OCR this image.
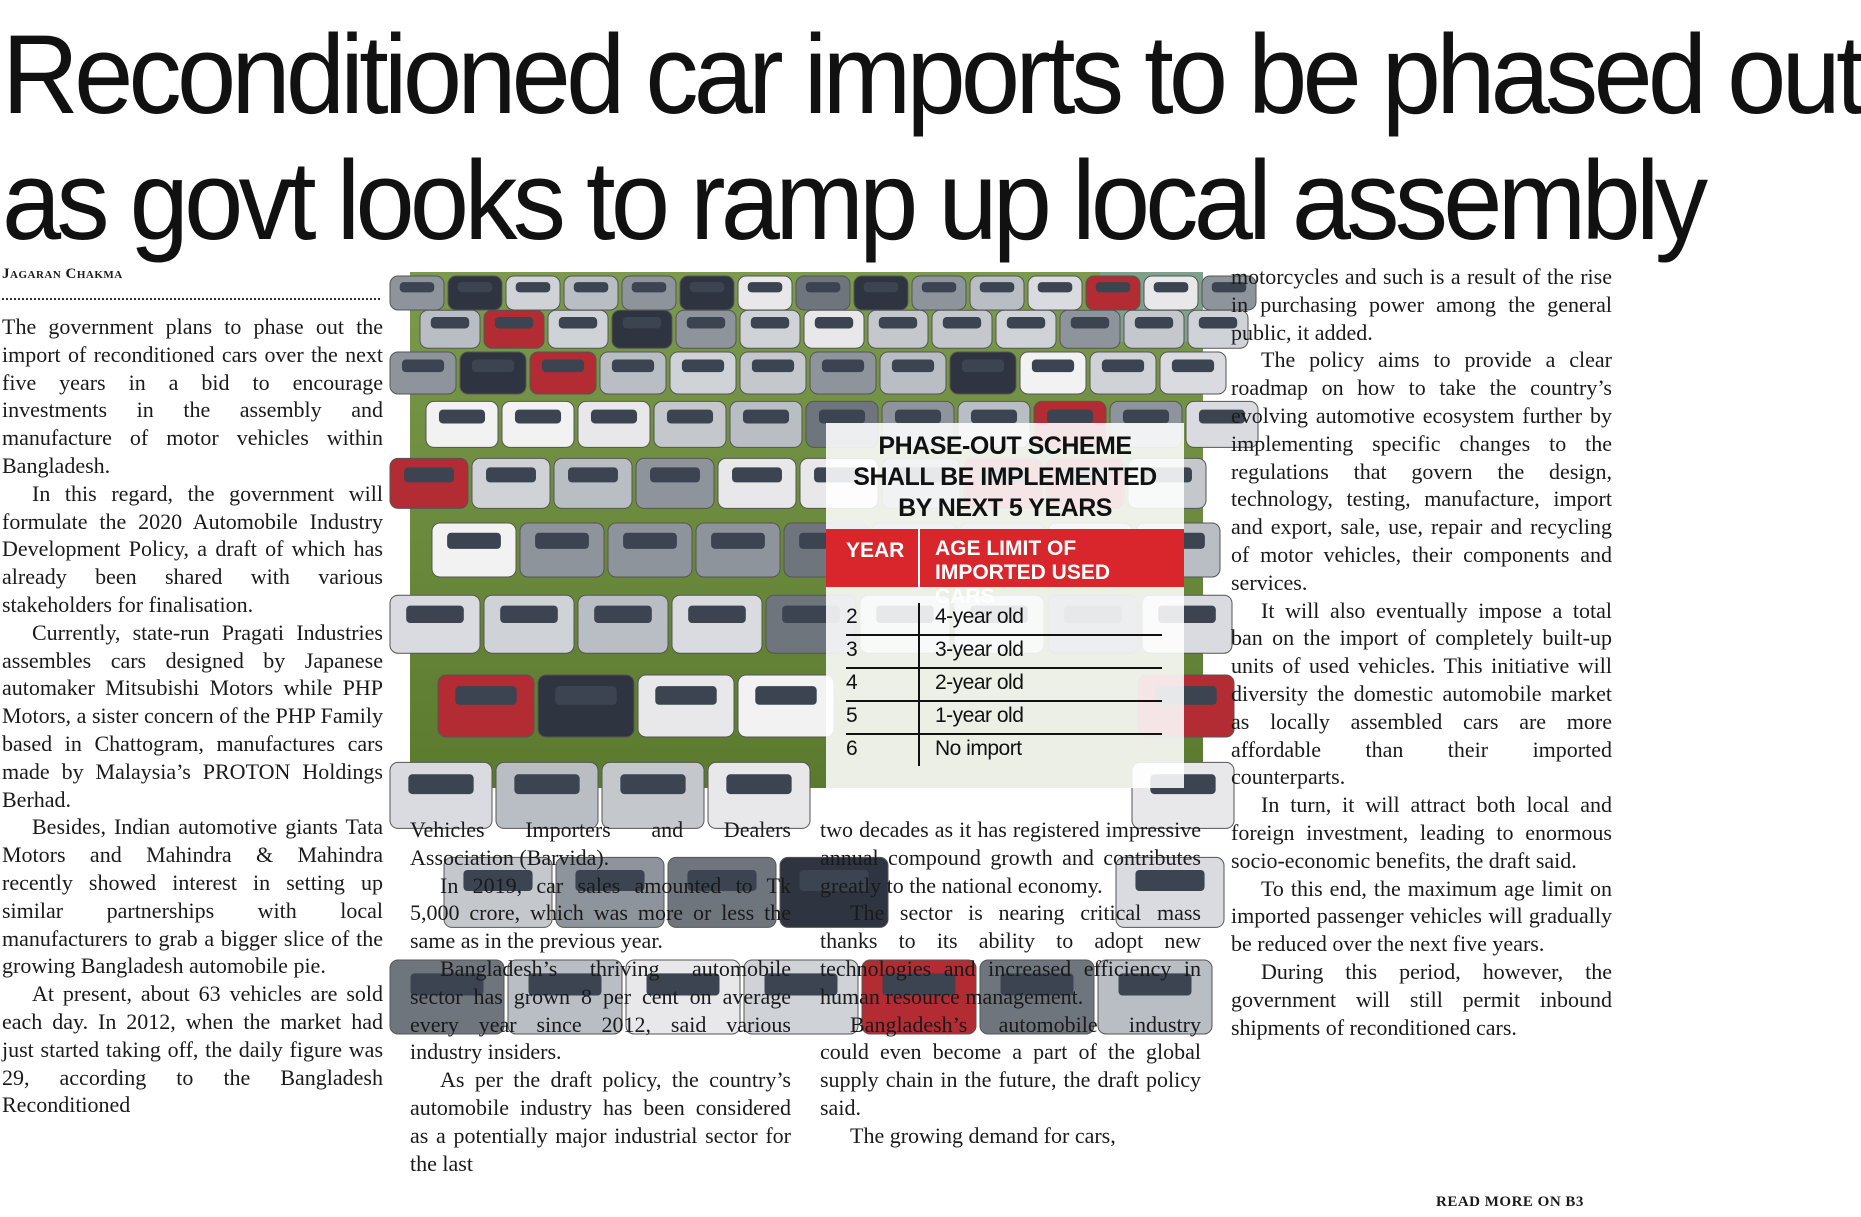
Reconditioned car imports to be phased out
as govt looks to ramp up local assembly
Jagaran Chakma

The government plans to phase out the import of reconditioned cars over the next five years in a bid to encourage investments in the assembly and manufacture of motor vehicles within Bangladesh.

In this regard, the government will formulate the 2020 Automobile Industry Development Policy, a draft of which has already been shared with various stakeholders for finalisation.

Currently, state-run Pragati Industries assembles cars designed by Japanese automaker Mitsubishi Motors while PHP Motors, a sister concern of the PHP Family based in Chattogram, manufactures cars made by Malaysia’s PROTON Holdings Berhad.

Besides, Indian automotive giants Tata Motors and Mahindra & Mahindra recently showed interest in setting up similar partnerships with local manufacturers to grab a bigger slice of the growing Bangladesh automobile pie.

At present, about 63 vehicles are sold each day. In 2012, when the market had just started taking off, the daily figure was 29, according to the Bangladesh Reconditioned

PHASE-OUT SCHEME
SHALL BE IMPLEMENTED
BY NEXT 5 YEARS
YEAR AGE LIMIT OF IMPORTED USED CARS
2	4-year old
3	3-year old
4	2-year old
5	1-year old
6	No import

Vehicles Importers and Dealers Association (Barvida).

In 2019, car sales amounted to Tk 5,000 crore, which was more or less the same as in the previous year.

Bangladesh’s thriving automobile sector has grown 8 per cent on average every year since 2012, said various industry insiders.

As per the draft policy, the country’s automobile industry has been considered as a potentially major industrial sector for the last

two decades as it has registered impressive annual compound growth and contributes greatly to the national economy.

The sector is nearing critical mass thanks to its ability to adopt new technologies and increased efficiency in human resource management.

Bangladesh’s automobile industry could even become a part of the global supply chain in the future, the draft policy said.

The growing demand for cars,

motorcycles and such is a result of the rise in purchasing power among the general public, it added.

The policy aims to provide a clear roadmap on how to take the country’s evolving automotive ecosystem further by implementing specific changes to the regulations that govern the design, technology, testing, manufacture, import and export, sale, use, repair and recycling of motor vehicles, their components and services.

It will also eventually impose a total ban on the import of completely built-up units of used vehicles. This initiative will diversity the domestic automobile market as locally assembled cars are more affordable than their imported counterparts.

In turn, it will attract both local and foreign investment, leading to enormous socio-economic benefits, the draft said.

To this end, the maximum age limit on imported passenger vehicles will gradually be reduced over the next five years.

During this period, however, the government will still permit inbound shipments of reconditioned cars.

READ MORE ON B3
